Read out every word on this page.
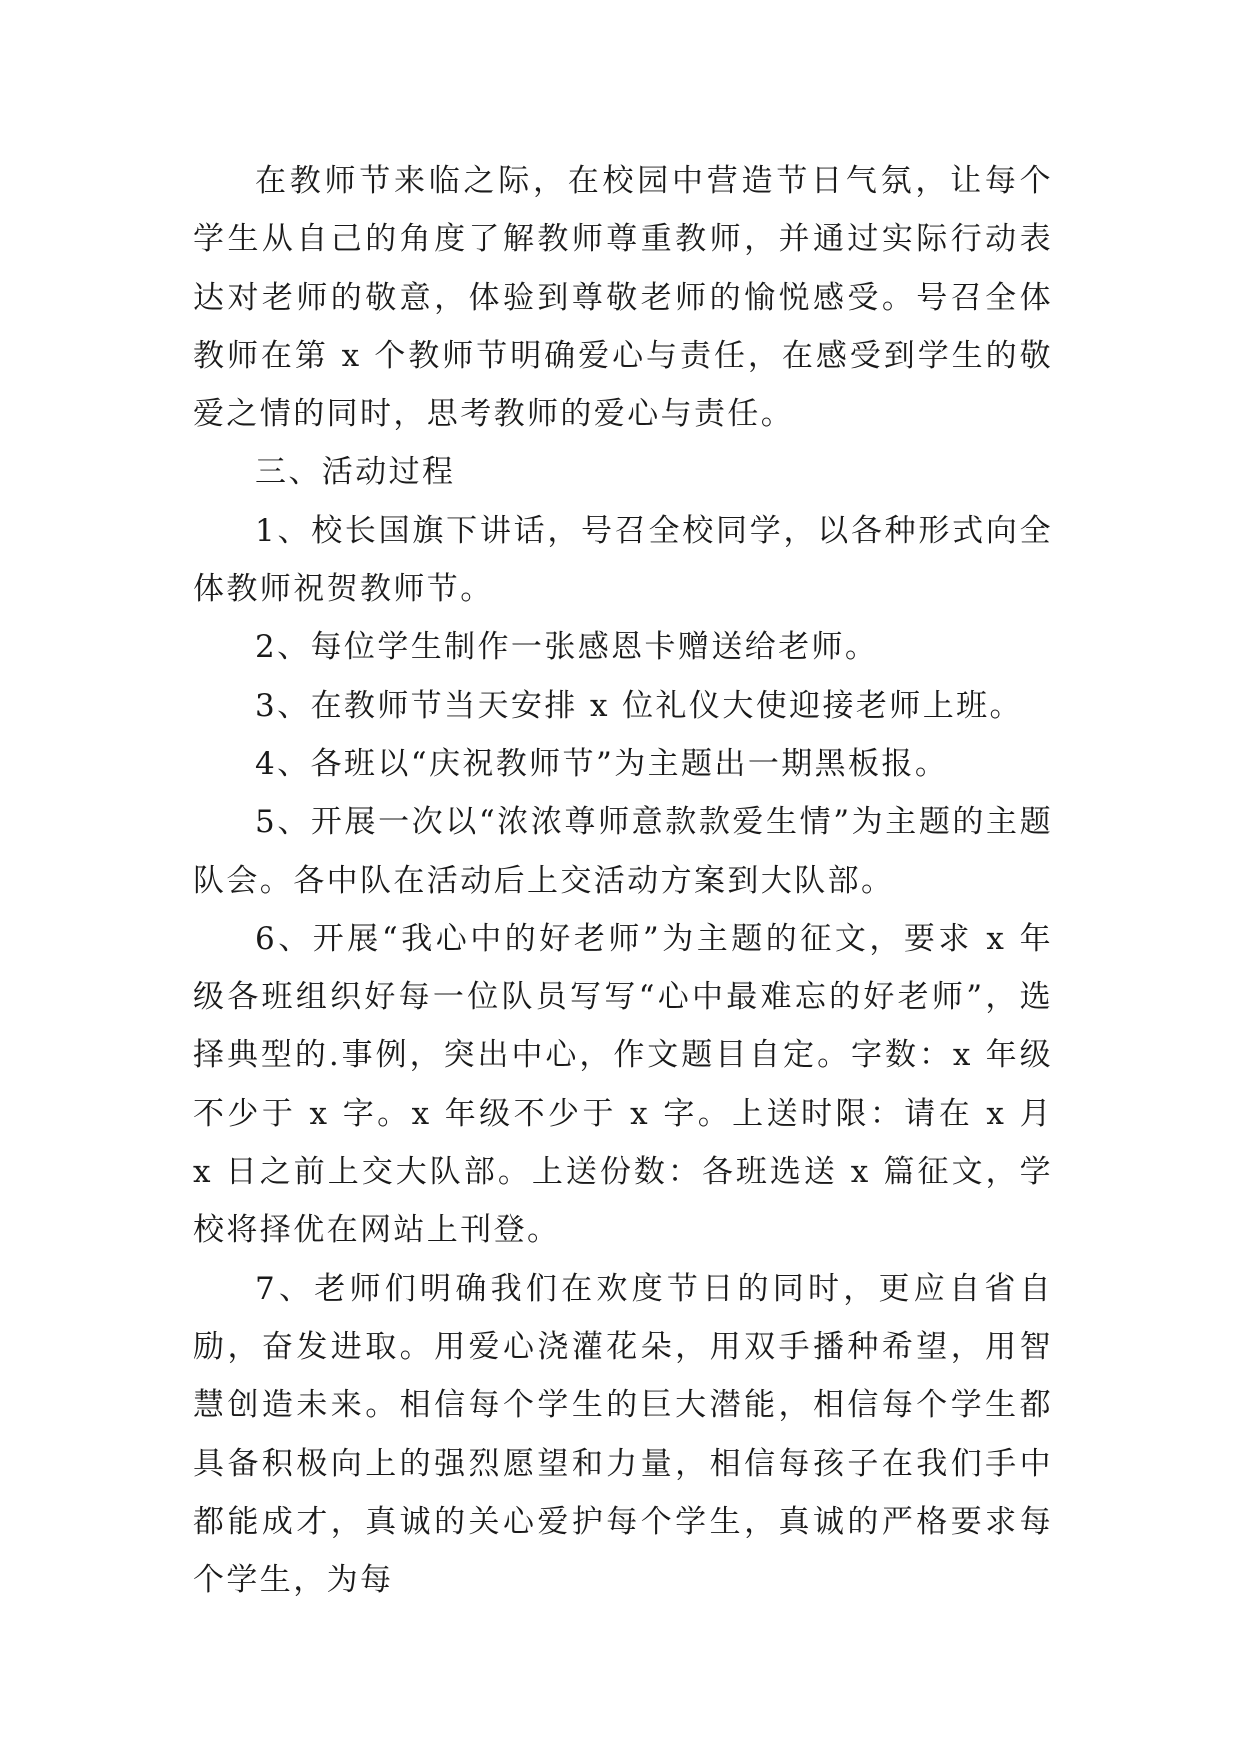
在教师节来临之际，在校园中营造节日气氛，让每个学生从自己的角度了解教师尊重教师，并通过实际行动表达对老师的敬意，体验到尊敬老师的愉悦感受。号召全体教师在第 x 个教师节明确爱心与责任，在感受到学生的敬爱之情的同时，思考教师的爱心与责任。

三、活动过程

1、校长国旗下讲话，号召全校同学，以各种形式向全体教师祝贺教师节。

2、每位学生制作一张感恩卡赠送给老师。

3、在教师节当天安排 x 位礼仪大使迎接老师上班。

4、各班以“庆祝教师节”为主题出一期黑板报。

5、开展一次以“浓浓尊师意款款爱生情”为主题的主题队会。各中队在活动后上交活动方案到大队部。

6、开展“我心中的好老师”为主题的征文，要求 x 年级各班组织好每一位队员写写“心中最难忘的好老师”，选择典型的.事例，突出中心，作文题目自定。字数：x 年级不少于 x 字。x 年级不少于 x 字。上送时限：请在 x 月 x 日之前上交大队部。上送份数：各班选送 x 篇征文，学校将择优在网站上刊登。

7、老师们明确我们在欢度节日的同时，更应自省自励，奋发进取。用爱心浇灌花朵，用双手播种希望，用智慧创造未来。相信每个学生的巨大潜能，相信每个学生都具备积极向上的强烈愿望和力量，相信每孩子在我们手中都能成才，真诚的关心爱护每个学生，真诚的严格要求每个学生，为每
